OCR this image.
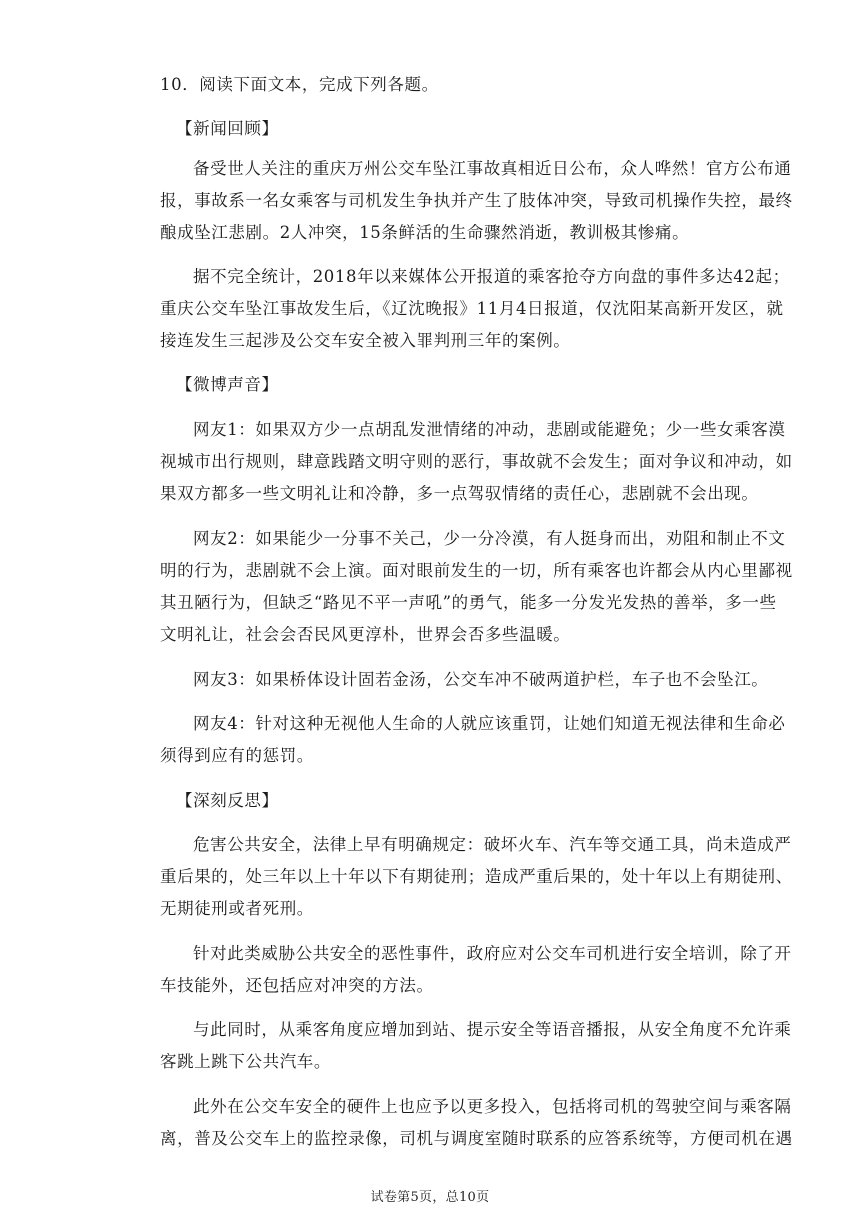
10．阅读下面文本，完成下列各题。
【新闻回顾】
备受世人关注的重庆万州公交车坠江事故真相近日公布，众人哗然！官方公布通
报，事故系一名女乘客与司机发生争执并产生了肢体冲突，导致司机操作失控，最终
酿成坠江悲剧。2人冲突，15条鲜活的生命骤然消逝，教训极其惨痛。
据不完全统计，2018年以来媒体公开报道的乘客抢夺方向盘的事件多达42起；
重庆公交车坠江事故发生后，《辽沈晚报》11月4日报道，仅沈阳某高新开发区，就
接连发生三起涉及公交车安全被入罪判刑三年的案例。
【微博声音】
网友1：如果双方少一点胡乱发泄情绪的冲动，悲剧或能避免；少一些女乘客漠
视城市出行规则，肆意践踏文明守则的恶行，事故就不会发生；面对争议和冲动，如
果双方都多一些文明礼让和冷静，多一点驾驭情绪的责任心，悲剧就不会出现。
网友2：如果能少一分事不关己，少一分冷漠，有人挺身而出，劝阻和制止不文
明的行为，悲剧就不会上演。面对眼前发生的一切，所有乘客也许都会从内心里鄙视
其丑陋行为，但缺乏“路见不平一声吼”的勇气，能多一分发光发热的善举，多一些
文明礼让，社会会否民风更淳朴，世界会否多些温暖。
网友3：如果桥体设计固若金汤，公交车冲不破两道护栏，车子也不会坠江。
网友4：针对这种无视他人生命的人就应该重罚，让她们知道无视法律和生命必
须得到应有的惩罚。
【深刻反思】
危害公共安全，法律上早有明确规定：破坏火车、汽车等交通工具，尚未造成严
重后果的，处三年以上十年以下有期徒刑；造成严重后果的，处十年以上有期徒刑、
无期徒刑或者死刑。
针对此类威胁公共安全的恶性事件，政府应对公交车司机进行安全培训，除了开
车技能外，还包括应对冲突的方法。
与此同时，从乘客角度应增加到站、提示安全等语音播报，从安全角度不允许乘
客跳上跳下公共汽车。
此外在公交车安全的硬件上也应予以更多投入，包括将司机的驾驶空间与乘客隔
离，普及公交车上的监控录像，司机与调度室随时联系的应答系统等，方便司机在遇
试卷第5页，总10页
